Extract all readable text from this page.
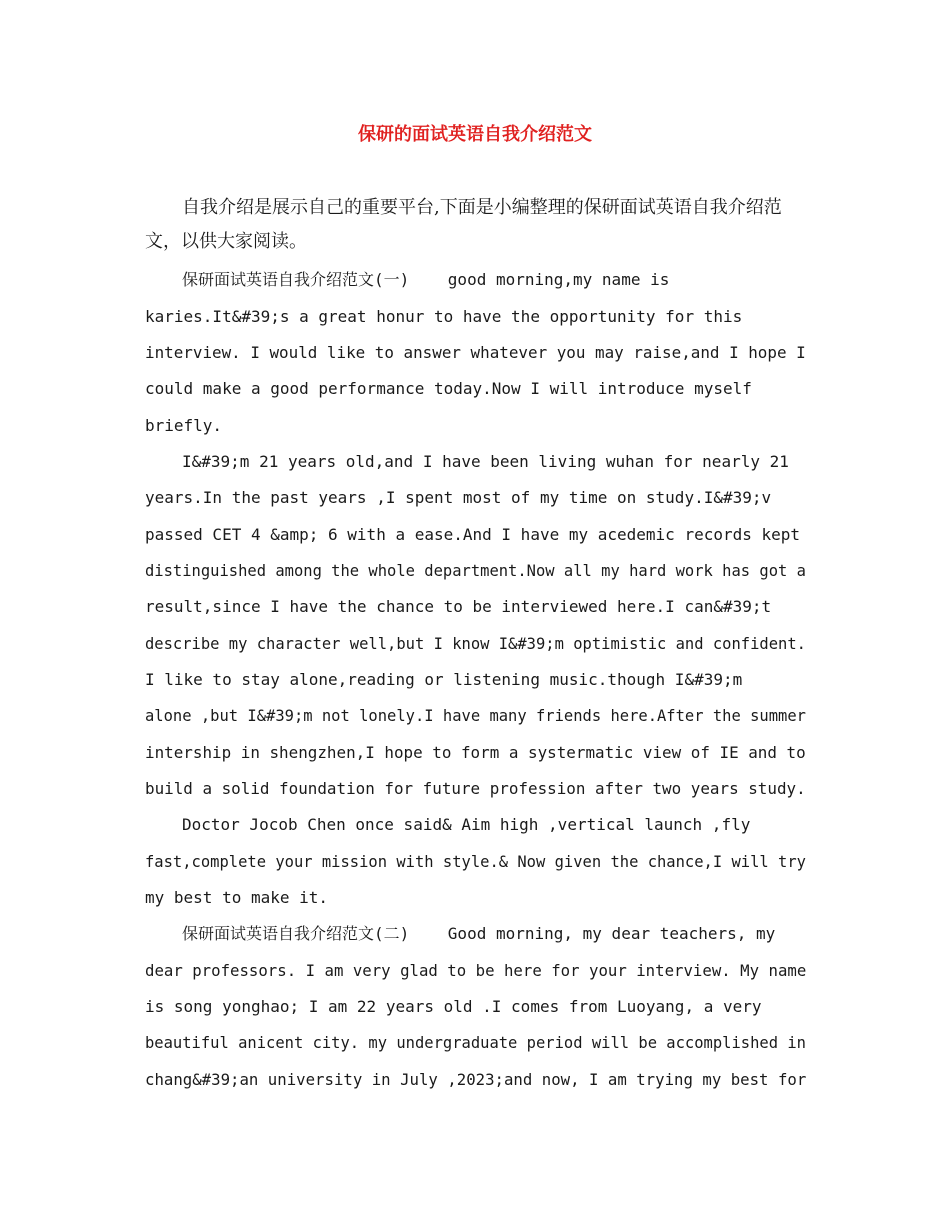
保研的面试英语自我介绍范文
自我介绍是展示自己的重要平台,下面是小编整理的保研面试英语自我介绍范
文，以供大家阅读。
保研面试英语自我介绍范文(一)    good morning,my name is
karies.It&#39;s a great honur to have the opportunity for this
interview. I would like to answer whatever you may raise,and I hope I
could make a good performance today.Now I will introduce myself
briefly.
I&#39;m 21 years old,and I have been living wuhan for nearly 21
years.In the past years ,I spent most of my time on study.I&#39;v
passed CET 4 &amp; 6 with a ease.And I have my acedemic records kept
distinguished among the whole department.Now all my hard work has got a
result,since I have the chance to be interviewed here.I can&#39;t
describe my character well,but I know I&#39;m optimistic and confident.
I like to stay alone,reading or listening music.though I&#39;m
alone ,but I&#39;m not lonely.I have many friends here.After the summer
intership in shengzhen,I hope to form a systermatic view of IE and to
build a solid foundation for future profession after two years study.
Doctor Jocob Chen once said& Aim high ,vertical launch ,fly
fast,complete your mission with style.& Now given the chance,I will try
my best to make it.
保研面试英语自我介绍范文(二)    Good morning, my dear teachers, my
dear professors. I am very glad to be here for your interview. My name
is song yonghao; I am 22 years old .I comes from Luoyang, a very
beautiful anicent city. my undergraduate period will be accomplished in
chang&#39;an university in July ,2023;and now, I am trying my best for
